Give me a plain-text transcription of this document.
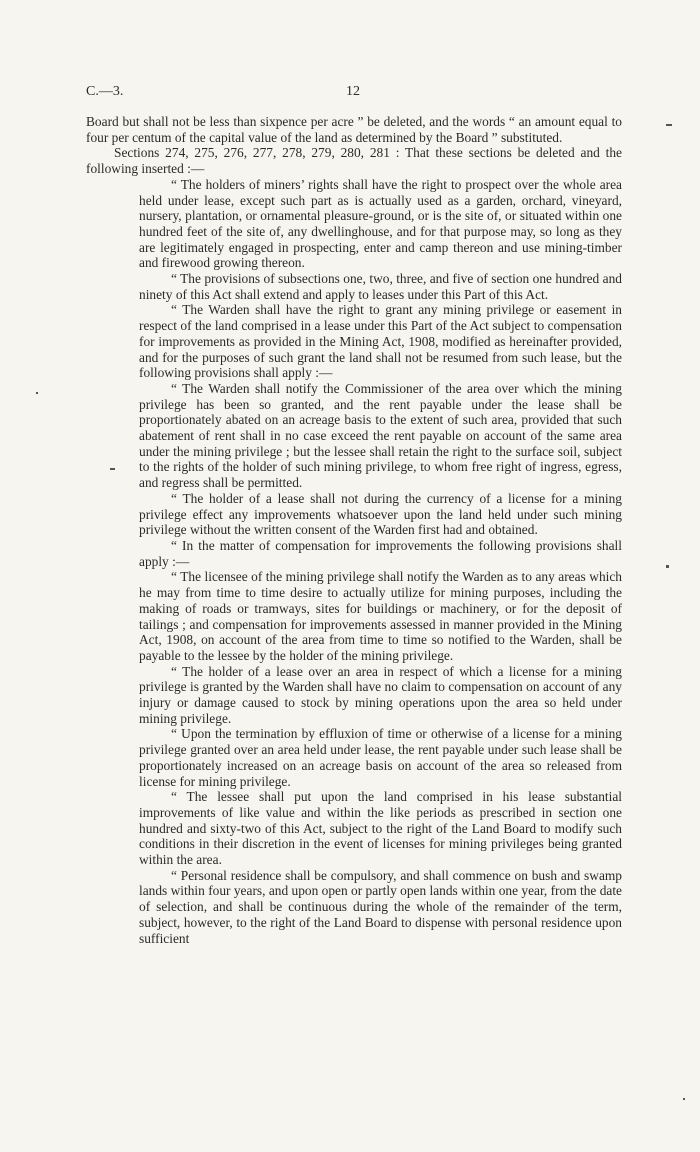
C.—3.	12

Board but shall not be less than sixpence per acre ” be deleted, and the words “ an amount equal to four per centum of the capital value of the land as determined by the Board ” substituted.

Sections 274, 275, 276, 277, 278, 279, 280, 281 : That these sections be deleted and the following inserted :—

“ The holders of miners’ rights shall have the right to prospect over the whole area held under lease, except such part as is actually used as a garden, orchard, vineyard, nursery, plantation, or ornamental pleasure-ground, or is the site of, or situated within one hundred feet of the site of, any dwellinghouse, and for that purpose may, so long as they are legitimately engaged in prospecting, enter and camp thereon and use mining-timber and firewood growing thereon.

“ The provisions of subsections one, two, three, and five of section one hundred and ninety of this Act shall extend and apply to leases under this Part of this Act.

“ The Warden shall have the right to grant any mining privilege or easement in respect of the land comprised in a lease under this Part of the Act subject to compensation for improvements as provided in the Mining Act, 1908, modified as hereinafter provided, and for the purposes of such grant the land shall not be resumed from such lease, but the following provisions shall apply :—

“ The Warden shall notify the Commissioner of the area over which the mining privilege has been so granted, and the rent payable under the lease shall be proportionately abated on an acreage basis to the extent of such area, provided that such abatement of rent shall in no case exceed the rent payable on account of the same area under the mining privilege ; but the lessee shall retain the right to the surface soil, subject to the rights of the holder of such mining privilege, to whom free right of ingress, egress, and regress shall be permitted.

“ The holder of a lease shall not during the currency of a license for a mining privilege effect any improvements whatsoever upon the land held under such mining privilege without the written consent of the Warden first had and obtained.

“ In the matter of compensation for improvements the following provisions shall apply :—

“ The licensee of the mining privilege shall notify the Warden as to any areas which he may from time to time desire to actually utilize for mining purposes, including the making of roads or tramways, sites for buildings or machinery, or for the deposit of tailings ; and compensation for improvements assessed in manner provided in the Mining Act, 1908, on account of the area from time to time so notified to the Warden, shall be payable to the lessee by the holder of the mining privilege.

“ The holder of a lease over an area in respect of which a license for a mining privilege is granted by the Warden shall have no claim to compensation on account of any injury or damage caused to stock by mining operations upon the area so held under mining privilege.

“ Upon the termination by effluxion of time or otherwise of a license for a mining privilege granted over an area held under lease, the rent payable under such lease shall be proportionately increased on an acreage basis on account of the area so released from license for mining privilege.

“ The lessee shall put upon the land comprised in his lease substantial improvements of like value and within the like periods as prescribed in section one hundred and sixty-two of this Act, subject to the right of the Land Board to modify such conditions in their discretion in the event of licenses for mining privileges being granted within the area.

“ Personal residence shall be compulsory, and shall commence on bush and swamp lands within four years, and upon open or partly open lands within one year, from the date of selection, and shall be continuous during the whole of the remainder of the term, subject, however, to the right of the Land Board to dispense with personal residence upon sufficient
